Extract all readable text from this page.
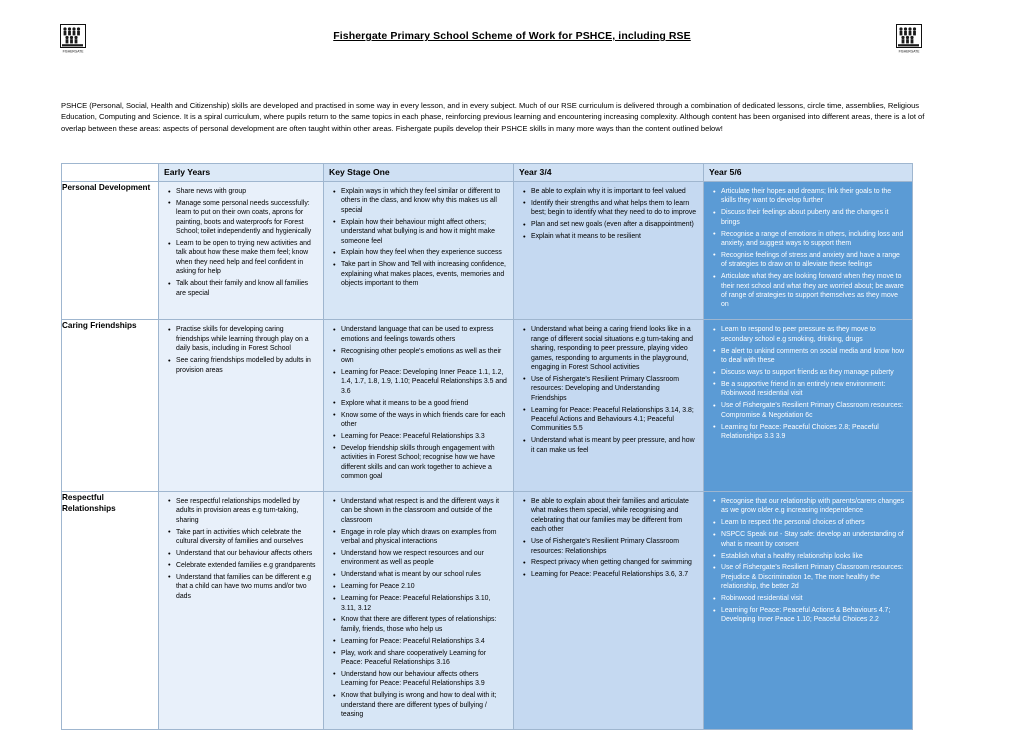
FISHERGATE	FISHERGATE
Fishergate Primary School Scheme of Work for PSHCE, including RSE
PSHCE (Personal, Social, Health and Citizenship) skills are developed and practised in some way in every lesson, and in every subject. Much of our RSE curriculum is delivered through a combination of dedicated lessons, circle time, assemblies, Religious Education, Computing and Science. It is a spiral curriculum, where pupils return to the same topics in each phase, reinforcing previous learning and encountering increasing complexity. Although content has been organised into different areas, there is a lot of overlap between these areas: aspects of personal development are often taught within other areas. Fishergate pupils develop their PSHCE skills in many more ways than the content outlined below!

	Early Years	Key Stage One	Year 3/4	Year 5/6

Personal Development	
•Share news with group
• Manage some personal needs successfully: learn to put on their own coats, aprons for painting, boots and waterproofs for Forest School; toilet independently and hygienically
• Learn to be open to trying new activities and talk about how these make them feel; know when they need help and feel confident in asking for help
• Talk about their family and know all families are special

• Explain ways in which they feel similar or different to others in the class, and know why this makes us all special
• Explain how their behaviour might affect others; understand what bullying is and how it might make someone feel
• Explain how they feel when they experience success
• Take part in Show and Tell with increasing confidence, explaining what makes places, events, memories and objects important to them

• Be able to explain why it is important to feel valued
• Identify their strengths and what helps them to learn best; begin to identify what they need to do to improve
• Plan and set new goals (even after a disappointment)
• Explain what it means to be resilient

• Articulate their hopes and dreams; link their goals to the skills they want to develop further
• Discuss their feelings about puberty and the changes it brings
• Recognise a range of emotions in others, including loss and anxiety, and suggest ways to support them
• Recognise feelings of stress and anxiety and have a range of strategies to draw on to alleviate these feelings
• Articulate what they are looking forward when they move to their next school and what they are worried about; be aware of range of strategies to support themselves as they move on

Caring Friendships	
•Practise skills for developing caring friendships while learning through play on a daily basis, including in Forest School
• See caring friendships modelled by adults in provision areas

• Understand language that can be used to express emotions and feelings towards others
• Recognising other people's emotions as well as their own
• Learning for Peace: Developing Inner Peace 1.1, 1.2, 1.4, 1.7, 1.8, 1.9, 1.10; Peaceful Relationships 3.5 and 3.6
• Explore what it means to be a good friend
• Know some of the ways in which friends care for each other
• Learning for Peace: Peaceful Relationships 3.3
• Develop friendship skills through engagement with activities in Forest School; recognise how we have different skills and can work together to achieve a common goal

• Understand what being a caring friend looks like in a range of different social situations e.g turn-taking and sharing, responding to peer pressure, playing video games, responding to arguments in the playground, engaging in Forest School activities
• Use of Fishergate's Resilient Primary Classroom resources: Developing and Understanding Friendships
• Learning for Peace: Peaceful Relationships 3.14, 3.8; Peaceful Actions and Behaviours 4.1; Peaceful Communities 5.5
• Understand what is meant by peer pressure, and how it can make us feel

• Learn to respond to peer pressure as they move to secondary school e.g smoking, drinking, drugs
• Be alert to unkind comments on social media and know how to deal with these
• Discuss ways to support friends as they manage puberty
• Be a supportive friend in an entirely new environment: Robinwood residential visit
• Use of Fishergate's Resilient Primary Classroom resources: Compromise & Negotiation 6c
• Learning for Peace: Peaceful Choices 2.8; Peaceful Relationships 3.3 3.9

Respectful Relationships	
• See respectful relationships modelled by adults in provision areas e.g turn-taking, sharing
• Take part in activities which celebrate the cultural diversity of families and ourselves
• Understand that our behaviour affects others
• Celebrate extended families e.g grandparents
• Understand that families can be different e.g that a child can have two mums and/or two dads

• Understand what respect is and the different ways it can be shown in the classroom and outside of the classroom
• Engage in role play which draws on examples from verbal and physical interactions
• Understand how we respect resources and our environment as well as people
• Understand what is meant by our school rules
• Learning for Peace 2.10
• Learning for Peace: Peaceful Relationships 3.10, 3.11, 3.12
• Know that there are different types of relationships: family, friends, those who help us
• Learning for Peace: Peaceful Relationships 3.4
• Play, work and share cooperatively Learning for Peace: Peaceful Relationships 3.16
• Understand how our behaviour affects others Learning for Peace: Peaceful Relationships 3.9
• Know that bullying is wrong and how to deal with it; understand there are different types of bullying / teasing

• Be able to explain about their families and articulate what makes them special, while recognising and celebrating that our families may be different from each other
• Use of Fishergate's Resilient Primary Classroom resources: Relationships
• Respect privacy when getting changed for swimming
• Learning for Peace: Peaceful Relationships 3.6, 3.7

• Recognise that our relationship with parents/carers changes as we grow older e.g increasing independence
• Learn to respect the personal choices of others
• NSPCC Speak out - Stay safe: develop an understanding of what is meant by consent
• Establish what a healthy relationship looks like
• Use of Fishergate's Resilient Primary Classroom resources: Prejudice & Discrimination 1e, The more healthy the relationship, the better 2d
• Robinwood residential visit
• Learning for Peace: Peaceful Actions & Behaviours 4.7; Developing Inner Peace 1.10; Peaceful Choices 2.2
